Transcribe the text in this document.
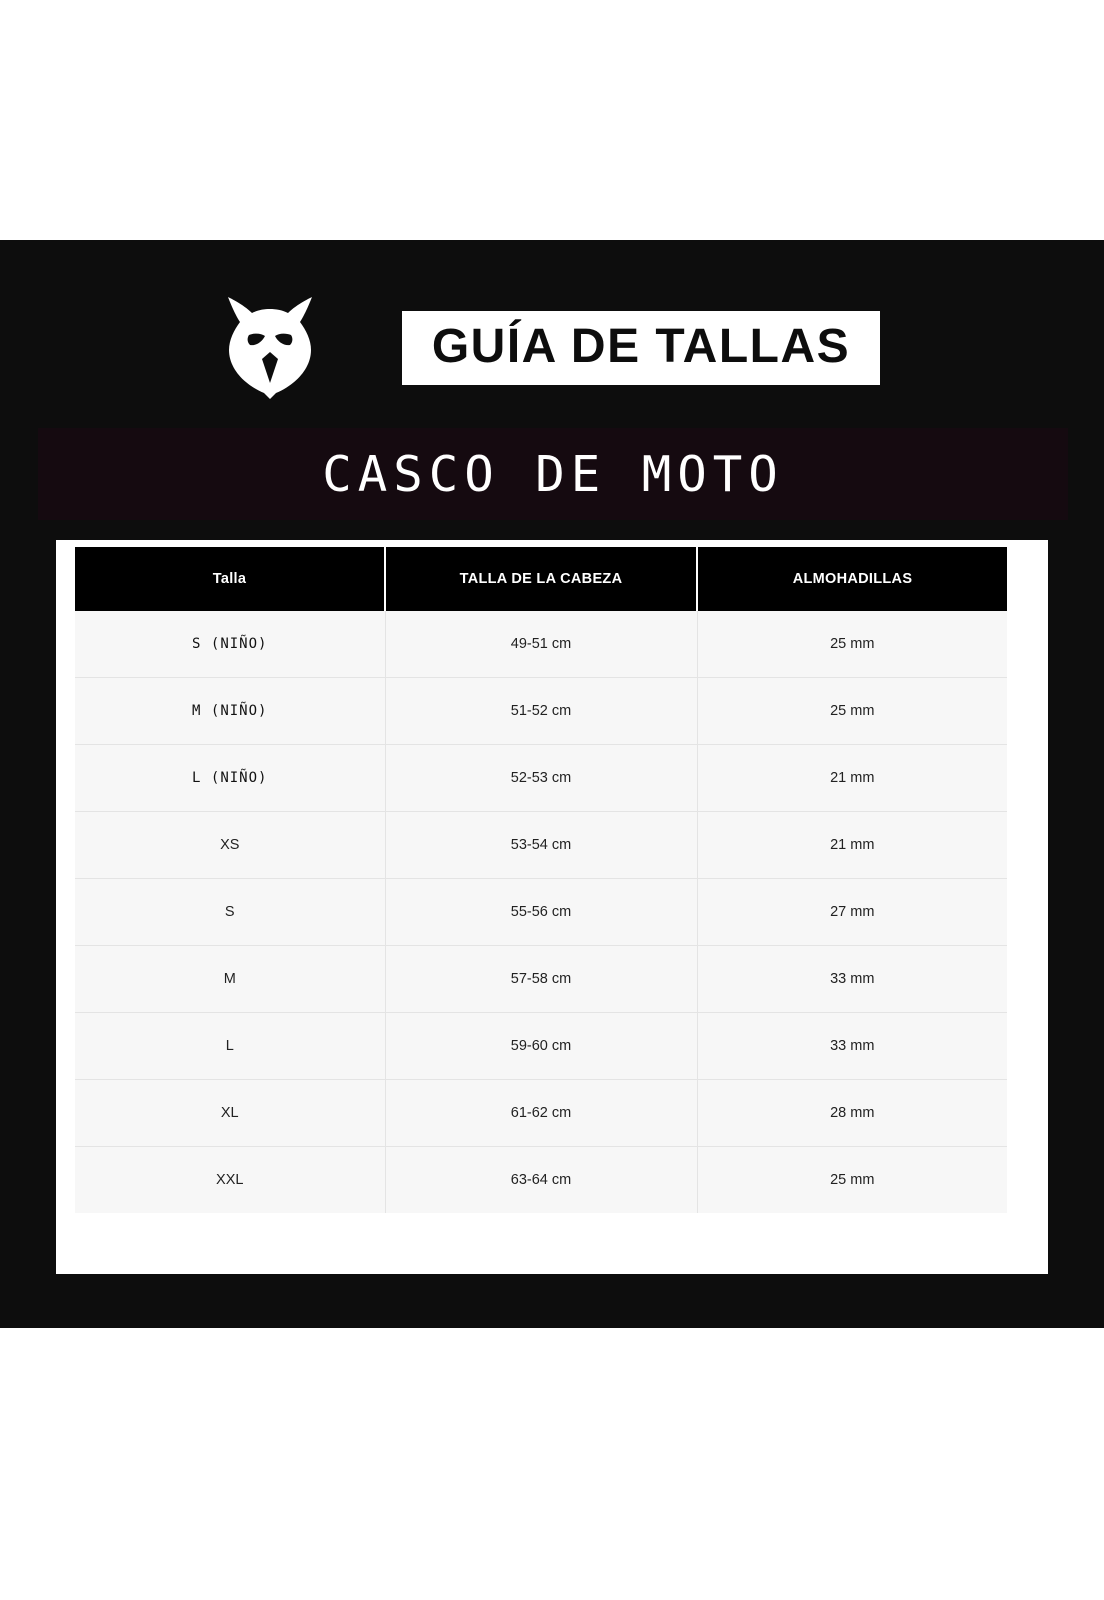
GUÍA DE TALLAS
CASCO DE MOTO
Talla	TALLA DE LA CABEZA	ALMOHADILLAS
S (NIÑO)	49-51 cm	25 mm
M (NIÑO)	51-52 cm	25 mm
L (NIÑO)	52-53 cm	21 mm
XS	53-54 cm	21 mm
S	55-56 cm	27 mm
M	57-58 cm	33 mm
L	59-60 cm	33 mm
XL	61-62 cm	28 mm
XXL	63-64 cm	25 mm
